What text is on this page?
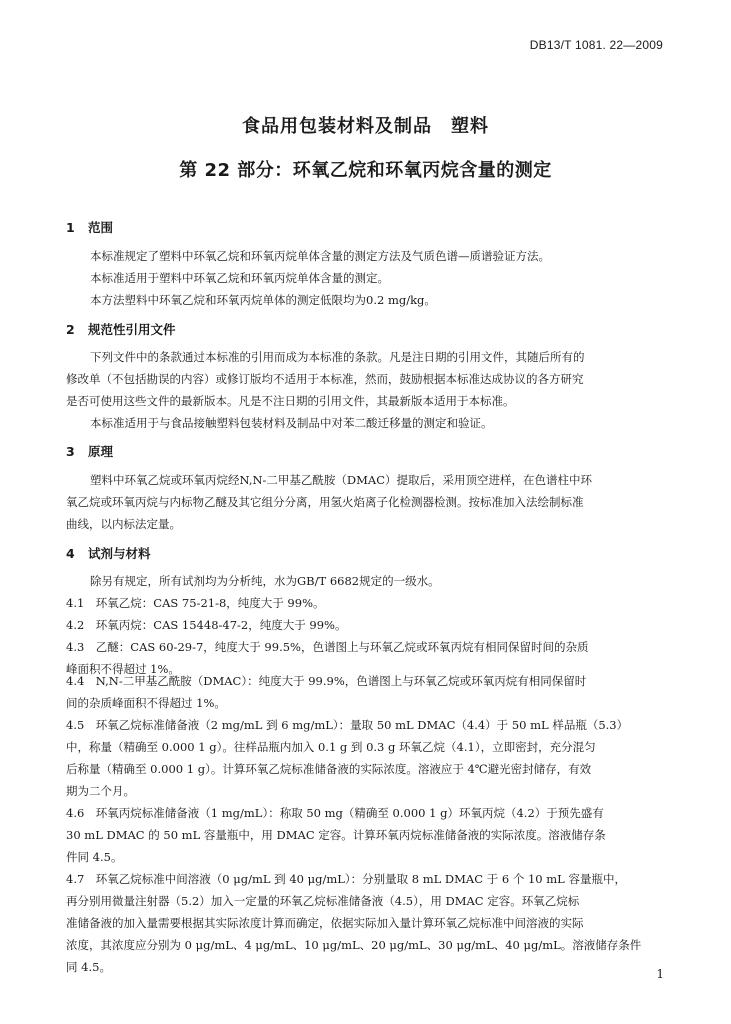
DB13/T 1081. 22—2009
食品用包装材料及制品　塑料
第 22 部分：环氧乙烷和环氧丙烷含量的测定
1 范围
本标准规定了塑料中环氧乙烷和环氧丙烷单体含量的测定方法及气质色谱—质谱验证方法。
本标准适用于塑料中环氧乙烷和环氧丙烷单体含量的测定。
本方法塑料中环氧乙烷和环氧丙烷单体的测定低限均为0.2 mg/kg。
2 规范性引用文件
下列文件中的条款通过本标准的引用而成为本标准的条款。凡是注日期的引用文件，其随后所有的
修改单（不包括勘误的内容）或修订版均不适用于本标准，然而，鼓励根据本标准达成协议的各方研究
是否可使用这些文件的最新版本。凡是不注日期的引用文件，其最新版本适用于本标准。
本标准适用于与食品接触塑料包装材料及制品中对苯二酸迁移量的测定和验证。
3 原理
塑料中环氧乙烷或环氧丙烷经N,N-二甲基乙酰胺（DMAC）提取后，采用顶空进样，在色谱柱中环
氧乙烷或环氧丙烷与内标物乙醚及其它组分分离，用氢火焰离子化检测器检测。按标准加入法绘制标准
曲线，以内标法定量。
4 试剂与材料
除另有规定，所有试剂均为分析纯，水为GB/T 6682规定的一级水。
4.1　环氧乙烷：CAS 75-21-8，纯度大于 99%。
4.2　环氧丙烷：CAS 15448-47-2，纯度大于 99%。
4.3　乙醚：CAS 60-29-7，纯度大于 99.5%，色谱图上与环氧乙烷或环氧丙烷有相同保留时间的杂质
峰面积不得超过 1%。
4.4　N,N-二甲基乙酰胺（DMAC）：纯度大于 99.9%，色谱图上与环氧乙烷或环氧丙烷有相同保留时
间的杂质峰面积不得超过 1%。
4.5　环氧乙烷标准储备液（2 mg/mL 到 6 mg/mL）：量取 50 mL DMAC（4.4）于 50 mL 样品瓶（5.3）
中，称量（精确至 0.000 1 g）。往样品瓶内加入 0.1 g 到 0.3 g 环氧乙烷（4.1），立即密封，充分混匀
后称量（精确至 0.000 1 g）。计算环氧乙烷标准储备液的实际浓度。溶液应于 4℃避光密封储存，有效
期为二个月。
4.6　环氧丙烷标准储备液（1 mg/mL）：称取 50 mg（精确至 0.000 1 g）环氧丙烷（4.2）于预先盛有
30 mL DMAC 的 50 mL 容量瓶中，用 DMAC 定容。计算环氧丙烷标准储备液的实际浓度。溶液储存条
件同 4.5。
4.7　环氧乙烷标准中间溶液（0 μg/mL 到 40 μg/mL）：分别量取 8 mL DMAC 于 6 个 10 mL 容量瓶中，
再分别用微量注射器（5.2）加入一定量的环氧乙烷标准储备液（4.5），用 DMAC 定容。环氧乙烷标
准储备液的加入量需要根据其实际浓度计算而确定，依据实际加入量计算环氧乙烷标准中间溶液的实际
浓度，其浓度应分别为 0 μg/mL、4 μg/mL、10 μg/mL、20 μg/mL、30 μg/mL、40 μg/mL。溶液储存条件
同 4.5。	1
